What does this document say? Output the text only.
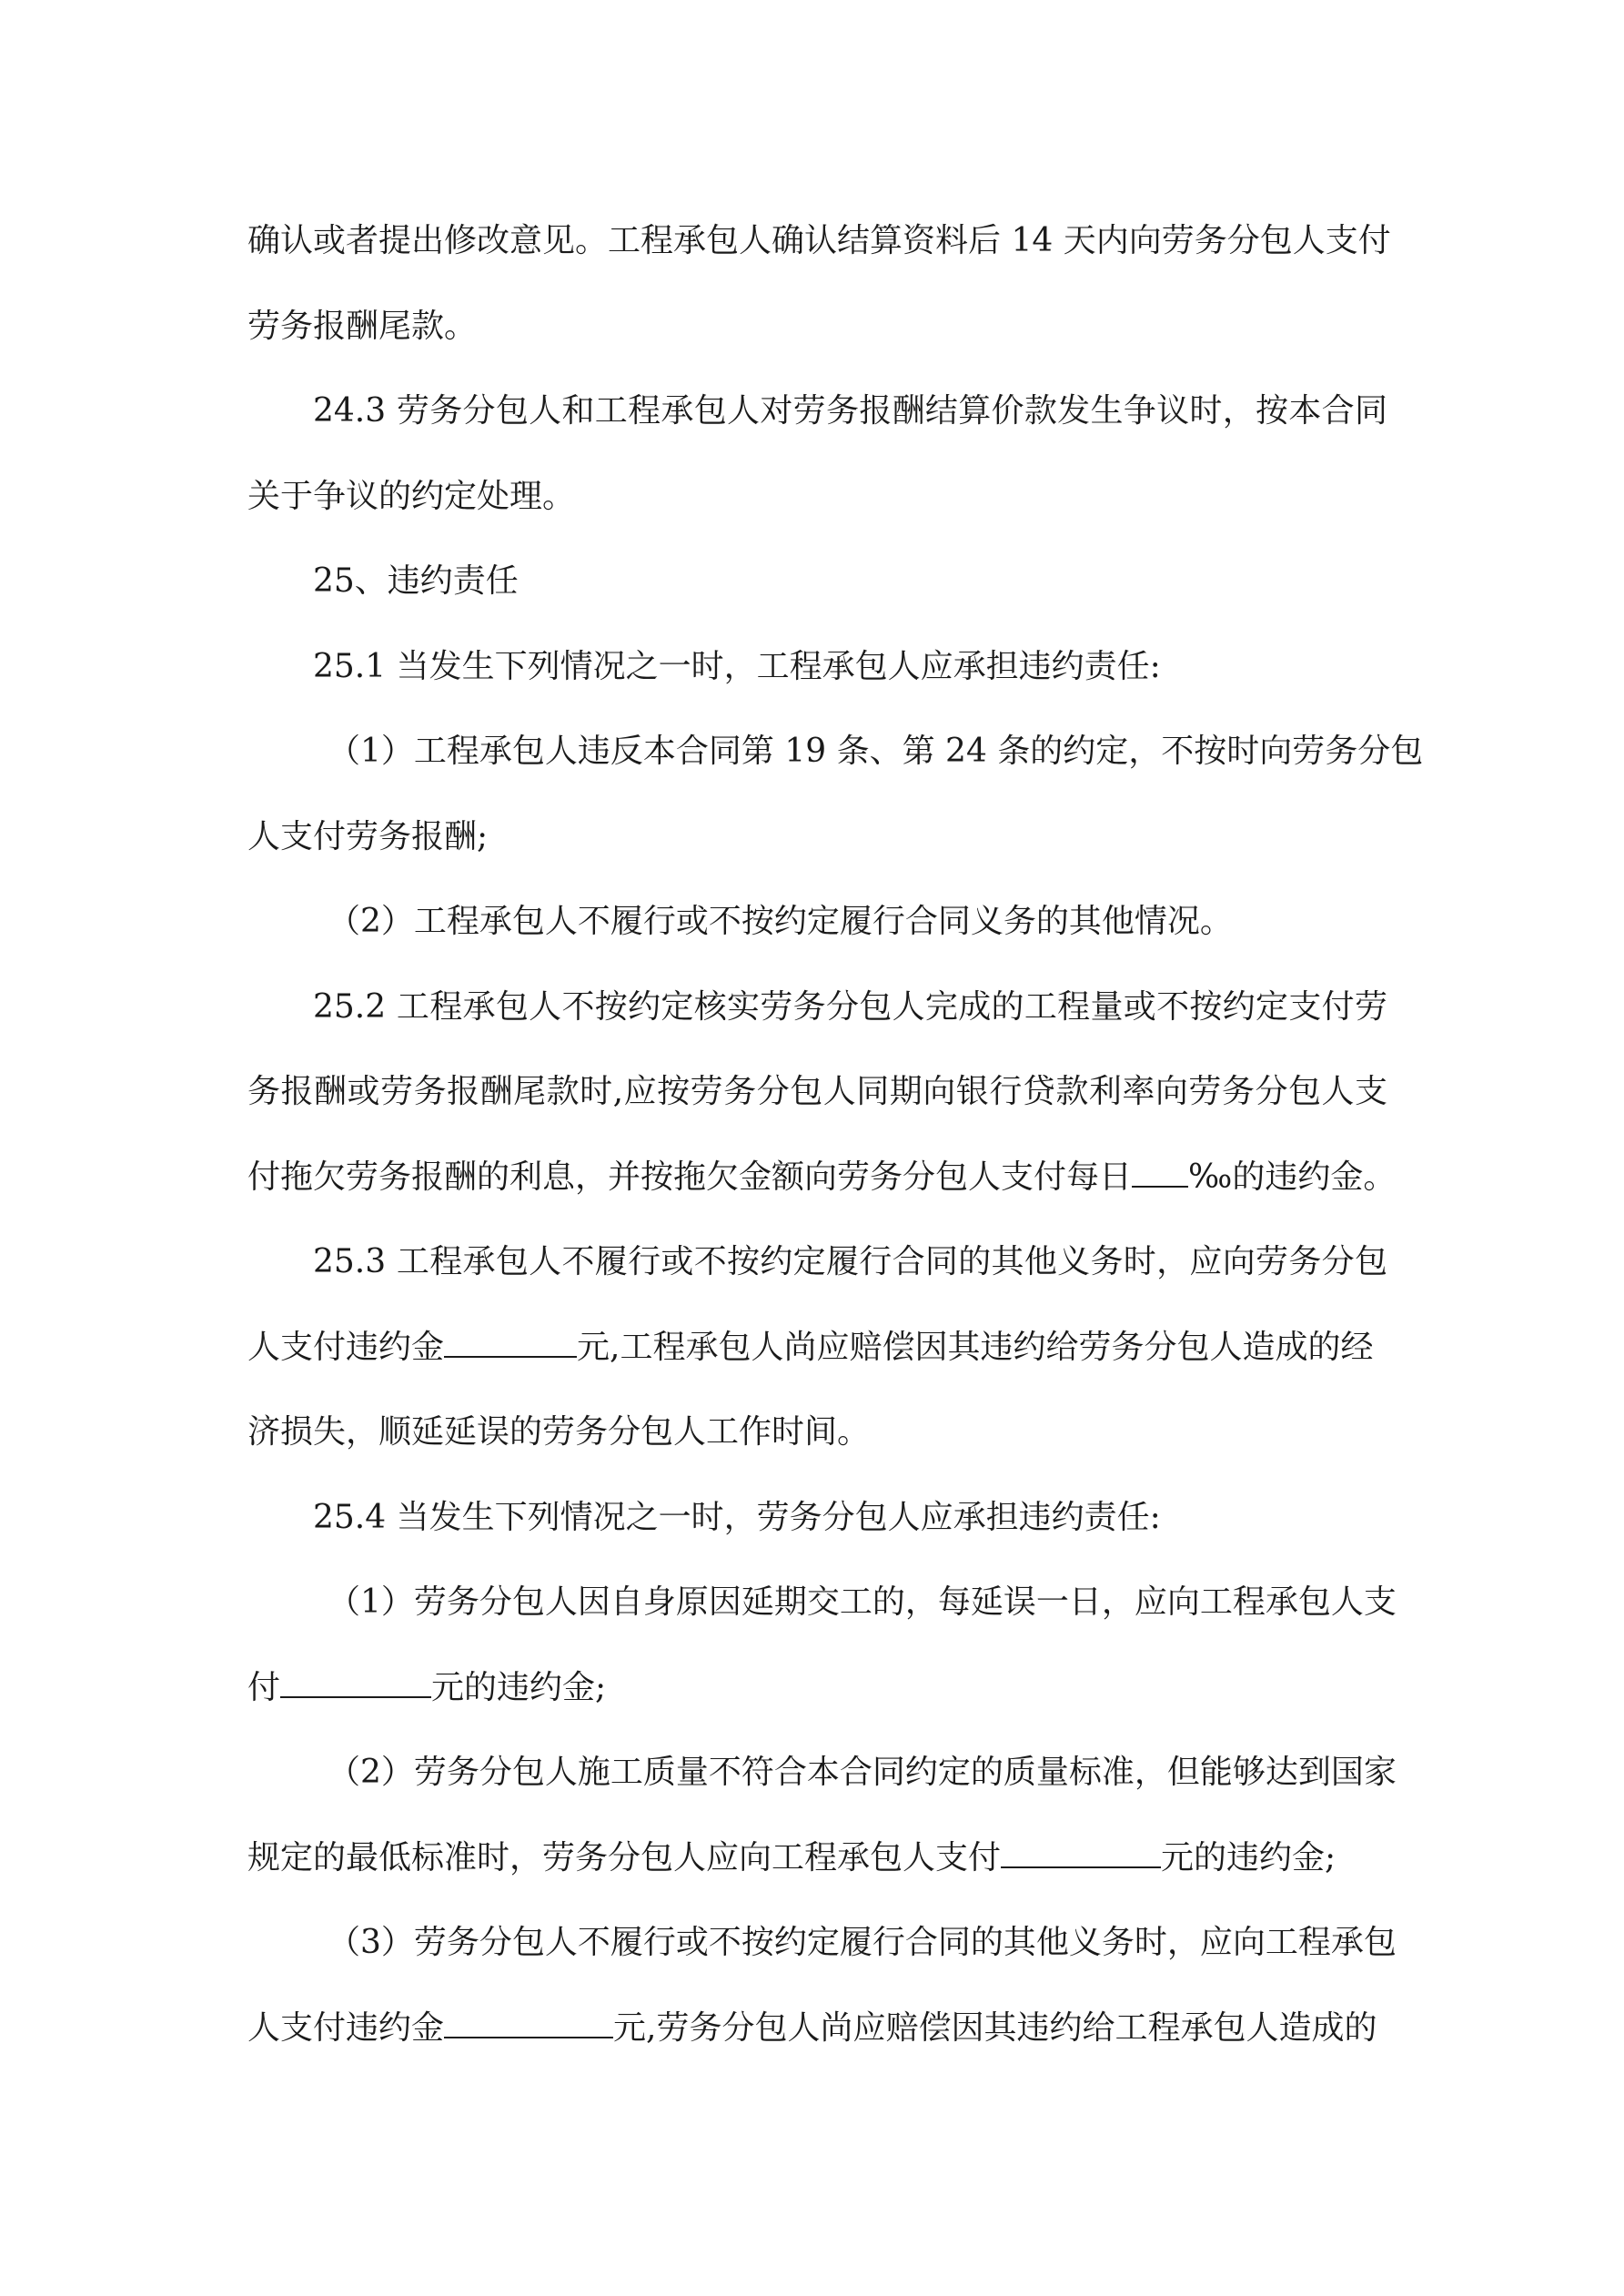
确认或者提出修改意见。工程承包人确认结算资料后 14 天内向劳务分包人支付
劳务报酬尾款。
24.3 劳务分包人和工程承包人对劳务报酬结算价款发生争议时，按本合同
关于争议的约定处理。
25、违约责任
25.1 当发生下列情况之一时，工程承包人应承担违约责任:
（1）工程承包人违反本合同第 19 条、第 24 条的约定，不按时向劳务分包
人支付劳务报酬;
（2）工程承包人不履行或不按约定履行合同义务的其他情况。
25.2 工程承包人不按约定核实劳务分包人完成的工程量或不按约定支付劳
务报酬或劳务报酬尾款时,应按劳务分包人同期向银行贷款利率向劳务分包人支
付拖欠劳务报酬的利息，并按拖欠金额向劳务分包人支付每日 ‰的违约金。
25.3 工程承包人不履行或不按约定履行合同的其他义务时，应向劳务分包
人支付违约金	元,工程承包人尚应赔偿因其违约给劳务分包人造成的经
济损失，顺延延误的劳务分包人工作时间。
25.4 当发生下列情况之一时，劳务分包人应承担违约责任:
（1）劳务分包人因自身原因延期交工的，每延误一日，应向工程承包人支
付	元的违约金;
（2）劳务分包人施工质量不符合本合同约定的质量标准，但能够达到国家
规定的最低标准时，劳务分包人应向工程承包人支付	元的违约金;
（3）劳务分包人不履行或不按约定履行合同的其他义务时，应向工程承包
人支付违约金	元,劳务分包人尚应赔偿因其违约给工程承包人造成的
